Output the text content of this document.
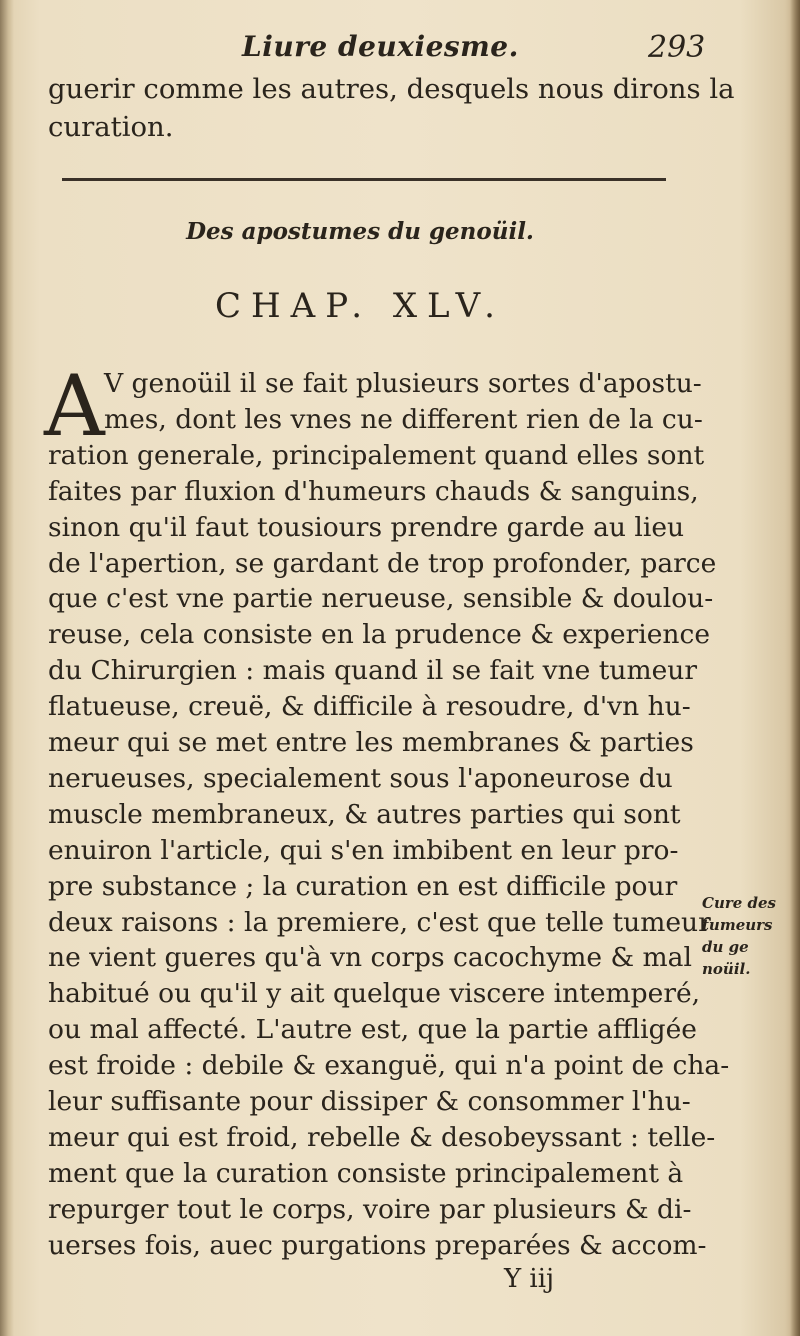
Liure deuxiesme.	293
guerir comme les autres, desquels nous dirons la
curation.
Des apostumes du genoüil.
CHAP. XLV.
A V genoüil il se fait plusieurs sortes d'apostu-
mes, dont les vnes ne different rien de la cu-
ration generale, principalement quand elles sont
faites par fluxion d'humeurs chauds & sanguins,
sinon qu'il faut tousiours prendre garde au lieu
de l'apertion, se gardant de trop profonder, parce
que c'est vne partie nerueuse, sensible & doulou-
reuse, cela consiste en la prudence & experience
du Chirurgien : mais quand il se fait vne tumeur
flatueuse, creuë, & difficile à resoudre, d'vn hu-
meur qui se met entre les membranes & parties
nerueuses, specialement sous l'aponeurose du
muscle membraneux, & autres parties qui sont
enuiron l'article, qui s'en imbibent en leur pro-
pre substance ; la curation en est difficile pour
deux raisons : la premiere, c'est que telle tumeur
ne vient gueres qu'à vn corps cacochyme & mal
habitué ou qu'il y ait quelque viscere intemperé,
ou mal affecté. L'autre est, que la partie affligée
est froide : debile & exanguë, qui n'a point de cha-
leur suffisante pour dissiper & consommer l'hu-
meur qui est froid, rebelle & desobeyssant : telle-
ment que la curation consiste principalement à
repurger tout le corps, voire par plusieurs & di-
uerses fois, auec purgations preparées & accom-
Cure des
tumeurs
du ge
noüil.
Y iij
